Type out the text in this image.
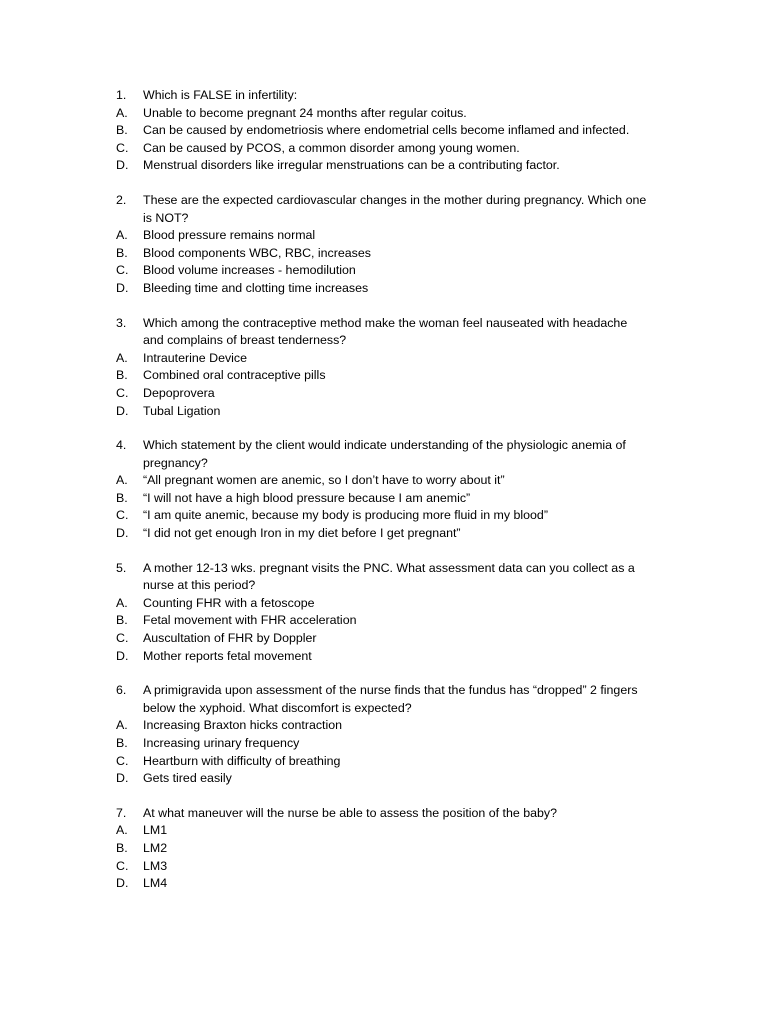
1.	Which is FALSE in infertility:
A.	Unable to become pregnant 24 months after regular coitus.
B.	Can be caused by endometriosis where endometrial cells become inflamed and infected.
C.	Can be caused by PCOS, a common disorder among young women.
D.	Menstrual disorders like irregular menstruations can be a contributing factor.
2.	These are the expected cardiovascular changes in the mother during pregnancy. Which one is NOT?
A.	Blood pressure remains normal
B.	Blood components WBC, RBC, increases
C.	Blood volume increases - hemodilution
D.	Bleeding time and clotting time increases
3.	Which among the contraceptive method make the woman feel nauseated with headache and complains of breast tenderness?
A.	Intrauterine Device
B.	Combined oral contraceptive pills
C.	Depoprovera
D.	Tubal Ligation
4.	Which statement by the client would indicate understanding of the physiologic anemia of pregnancy?
A.	“All pregnant women are anemic, so I don’t have to worry about it”
B.	“I will not have a high blood pressure because I am anemic”
C.	“I am quite anemic, because my body is producing more fluid in my blood”
D.	“I did not get enough Iron in my diet before I get pregnant”
5.	A mother 12-13 wks. pregnant visits the PNC. What assessment data can you collect as a nurse at this period?
A.	Counting FHR with a fetoscope
B.	Fetal movement with FHR acceleration
C.	Auscultation of FHR by Doppler
D.	Mother reports fetal movement
6.	A primigravida upon assessment of the nurse finds that the fundus has “dropped” 2 fingers below the xyphoid. What discomfort is expected?
A.	Increasing Braxton hicks contraction
B.	Increasing urinary frequency
C.	Heartburn with difficulty of breathing
D.	Gets tired easily
7.	At what maneuver will the nurse be able to assess the position of the baby?
A.	LM1
B.	LM2
C.	LM3
D.	LM4
